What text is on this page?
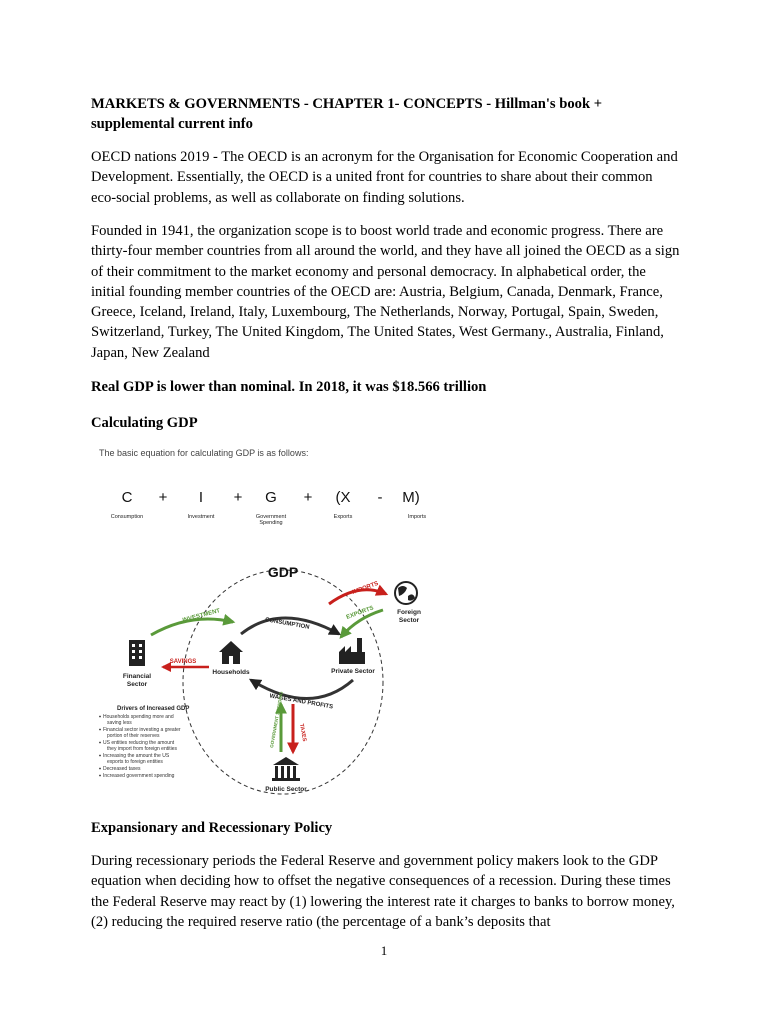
MARKETS & GOVERNMENTS - CHAPTER 1- CONCEPTS - Hillman's book + supplemental current info

OECD nations 2019 - The OECD is an acronym for the Organisation for Economic Cooperation and Development. Essentially, the OECD is a united front for countries to share about their common eco-social problems, as well as collaborate on finding solutions.

Founded in 1941, the organization scope is to boost world trade and economic progress. There are thirty-four member countries from all around the world, and they have all joined the OECD as a sign of their commitment to the market economy and personal democracy. In alphabetical order, the initial founding member countries of the OECD are: Austria, Belgium, Canada, Denmark, France, Greece, Iceland, Ireland, Italy, Luxembourg, The Netherlands, Norway, Portugal, Spain, Sweden, Switzerland, Turkey, The United Kingdom, The United States, West Germany., Australia, Finland, Japan, New Zealand

Real GDP is lower than nominal. In 2018, it was $18.566 trillion

Calculating GDP

The basic equation for calculating GDP is as follows:
C + I + G + (X - M)
Consumption	Investment	Government
Spending
Exports	Imports
GDP
CONSUMPTION
WAGES AND PROFITS
INVESTMENT
SAVINGS
IMPORTS
EXPORTS
GOVERNMENT SPENDING	TAXES
Financial
Sector
Households	Private Sector
Foreign
Sector
Public Sector
Drivers of Increased GDP
Households spending more and
saving less
Financial sector investing a greater
portion of their reserves
US entities reducing the amount
they import from foreign entities
Increasing the amount the US
exports to foreign entities
Decreased taxes
Increased government spending

Expansionary and Recessionary Policy

During recessionary periods the Federal Reserve and government policy makers look to the GDP equation when deciding how to offset the negative consequences of a recession. During these times the Federal Reserve may react by (1) lowering the interest rate it charges to banks to borrow money, (2) reducing the required reserve ratio (the percentage of a bank’s deposits that

1
